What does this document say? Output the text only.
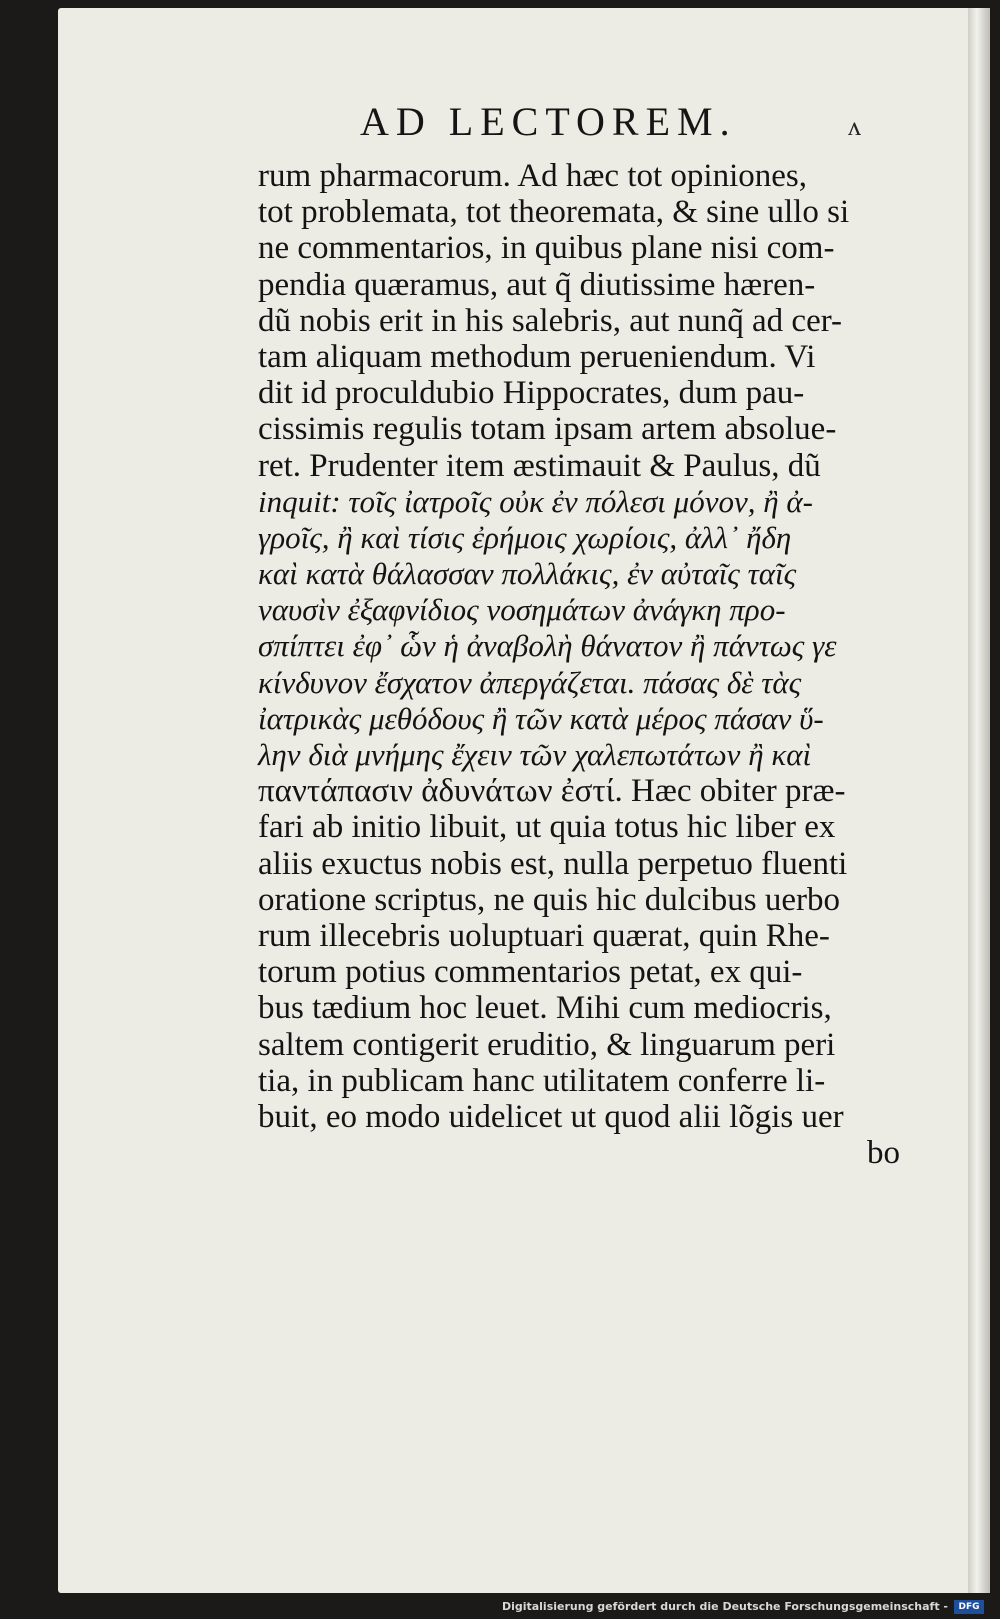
AD LECTOREM.	ᴧ
rum pharmacorum. Ad hæc tot opiniones,
tot problemata, tot theoremata, & sine ullo si
ne commentarios, in quibus plane nisi com-
pendia quæramus, aut q̃ diutissime hæren-
dũ nobis erit in his salebris, aut nunq̃ ad cer-
tam aliquam methodum perueniendum. Vi
dit id proculdubio Hippocrates, dum pau-
cissimis regulis totam ipsam artem absolue-
ret. Prudenter item æstimauit & Paulus, dũ
inquit: τοῖς ἰατροῖς οὐκ ἐν πόλεσι μόνον, ἢ ἀ-
γροῖς, ἢ καὶ τίσις ἐρήμοις χωρίοις, ἀλλ᾽ ἤδη
καὶ κατὰ θάλασσαν πολλάκις, ἐν αὐταῖς ταῖς
ναυσὶν ἐξαφνίδιος νοσημάτων ἀνάγκη προ-
σπίπτει ἐφ᾽ ὧν ἡ ἀναβολὴ θάνατον ἢ πάντως γε
κίνδυνον ἔσχατον ἀπεργάζεται. πάσας δὲ τὰς
ἰατρικὰς μεθόδους ἢ τῶν κατὰ μέρος πάσαν ὕ-
λην διὰ μνήμης ἔχειν τῶν χαλεπωτάτων ἢ καὶ
παντάπασιν ἀδυνάτων ἐστί. Hæc obiter præ-
fari ab initio libuit, ut quia totus hic liber ex
aliis exuctus nobis est, nulla perpetuo fluenti
oratione scriptus, ne quis hic dulcibus uerbo
rum illecebris uoluptuari quærat, quin Rhe-
torum potius commentarios petat, ex qui-
bus tædium hoc leuet. Mihi cum mediocris,
saltem contigerit eruditio, & linguarum peri
tia, in publicam hanc utilitatem conferre li-
buit, eo modo uidelicet ut quod alii lõgis uer
bo
Digitalisierung gefördert durch die Deutsche Forschungsgemeinschaft -	DFG
